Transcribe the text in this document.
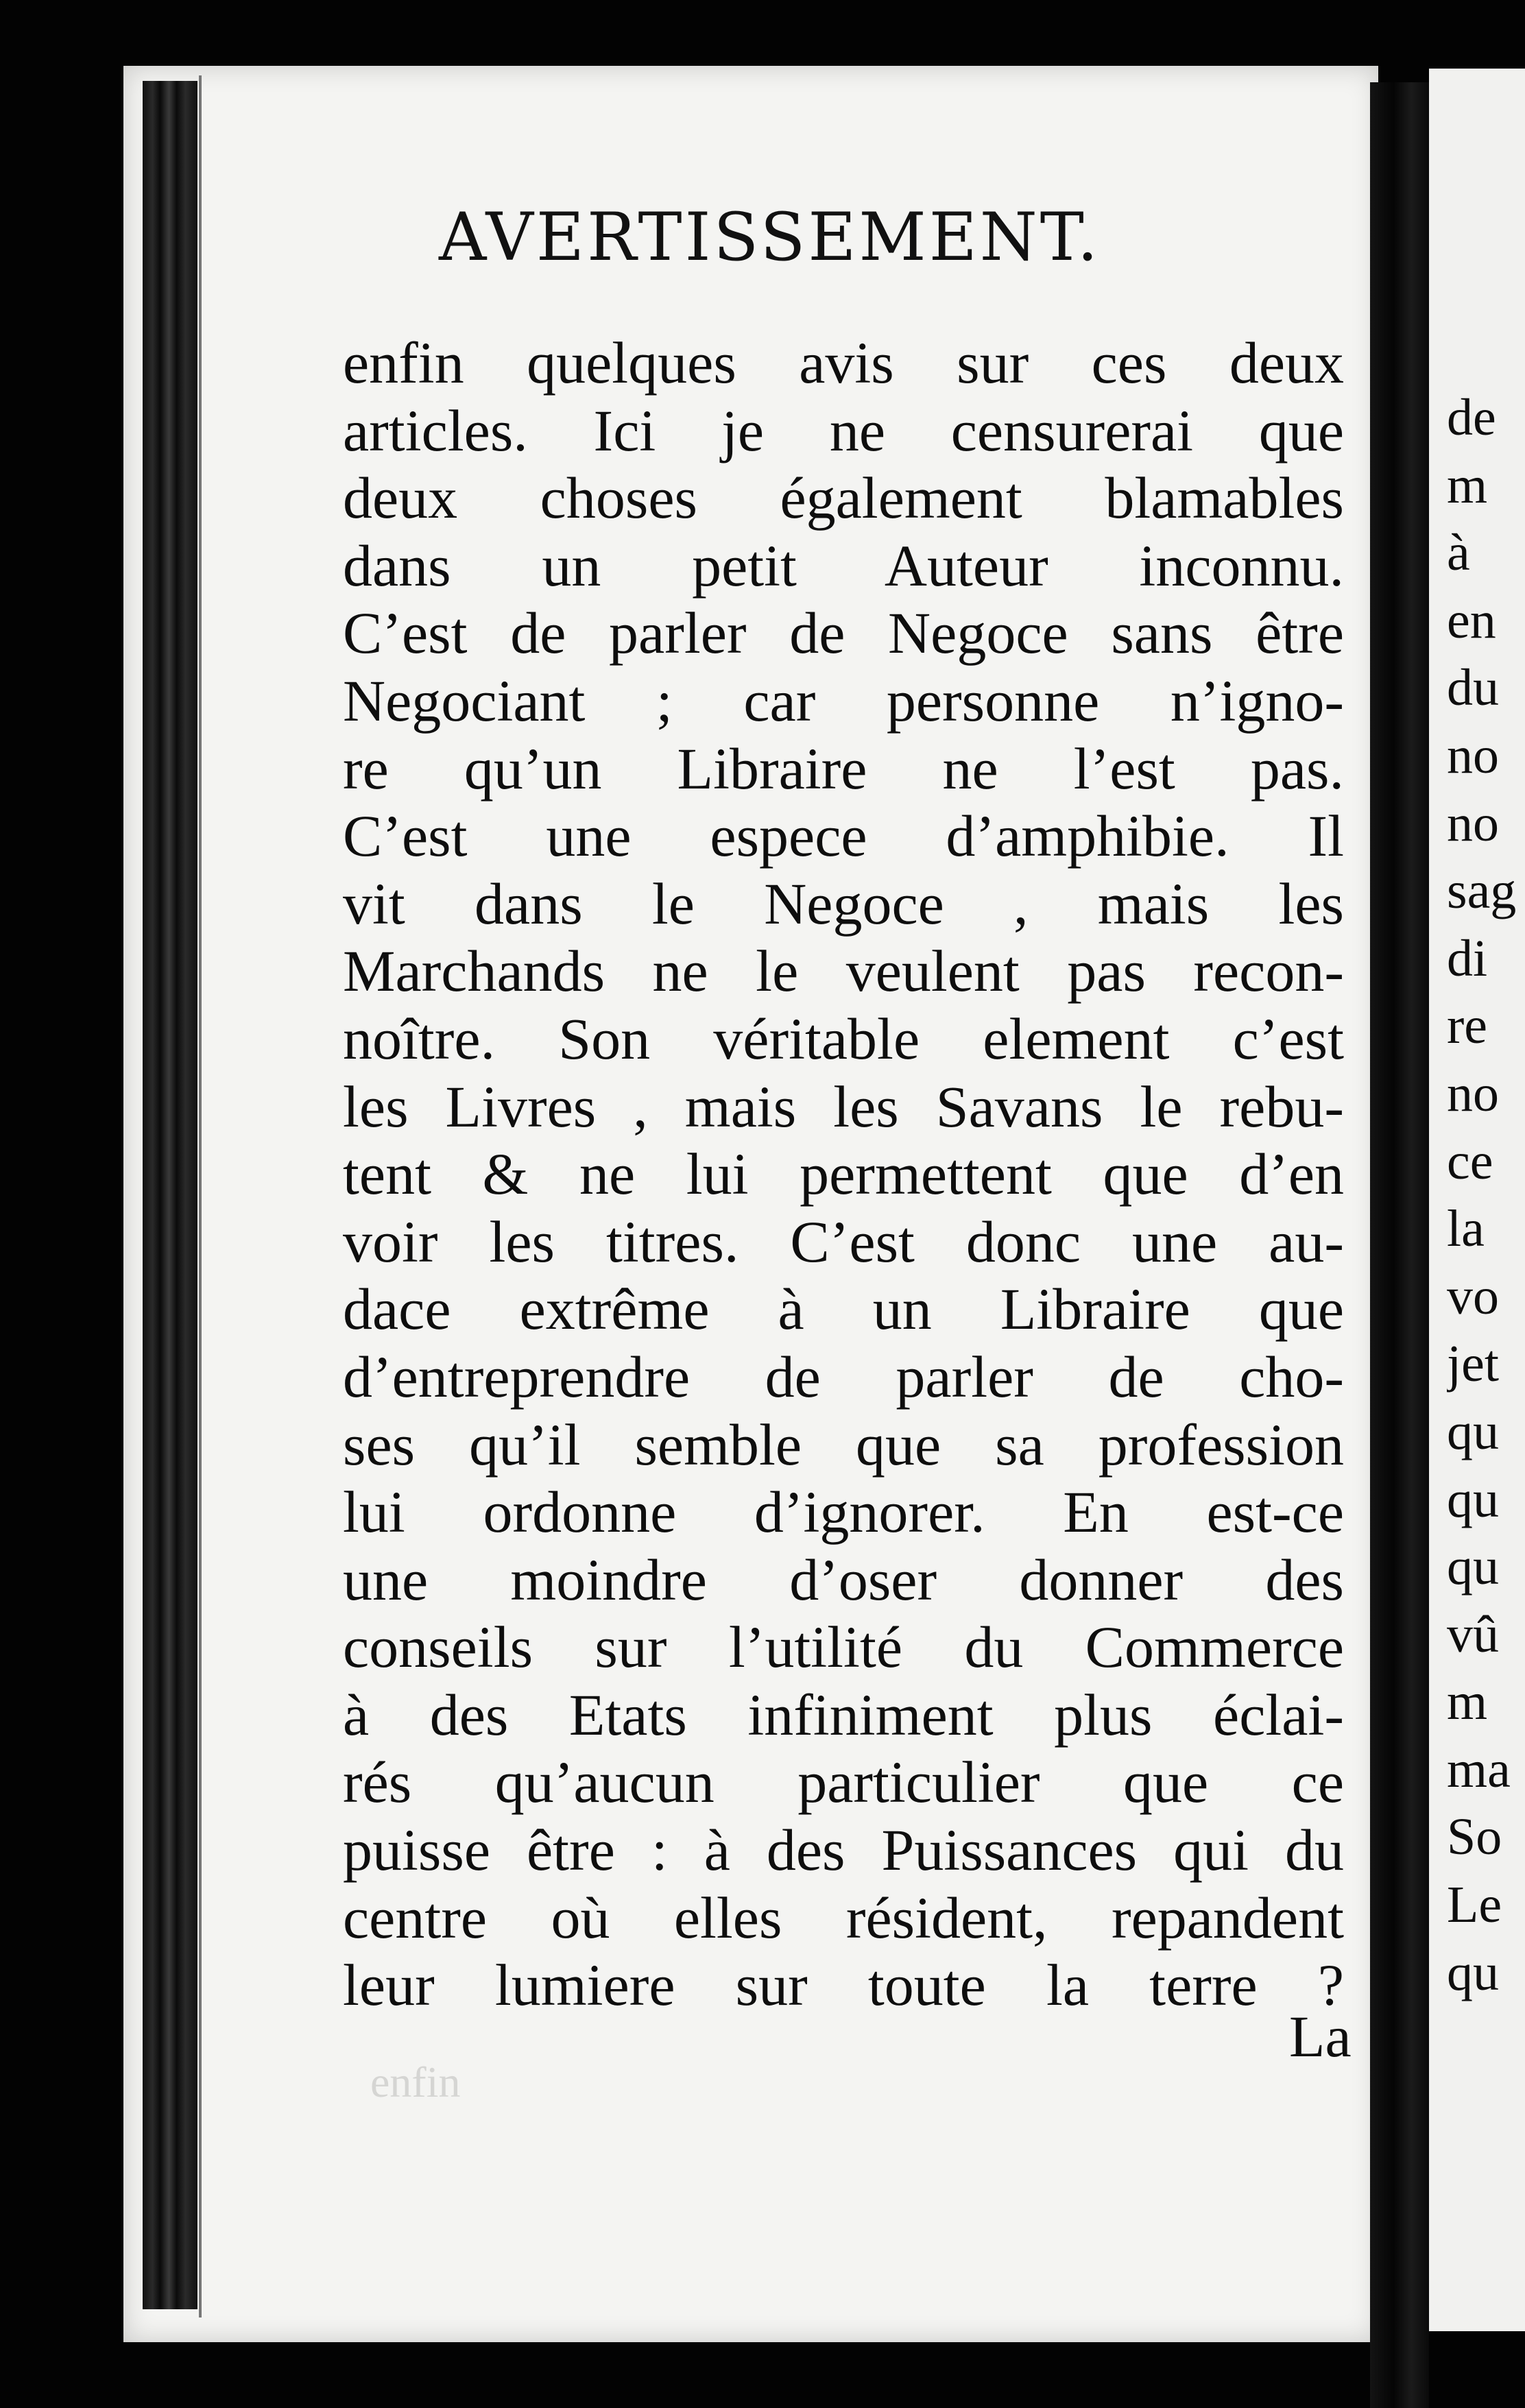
AVERTISSEMENT.
enfin quelques avis sur ces deux
articles. Ici je ne censurerai que
deux choses également blamables
dans un petit Auteur inconnu.
C’est de parler de Negoce sans être
Negociant ; car personne n’igno-
re qu’un Libraire ne l’est pas.
C’est une espece d’amphibie. Il
vit dans le Negoce , mais les
Marchands ne le veulent pas recon-
noître. Son véritable element c’est
les Livres , mais les Savans le rebu-
tent & ne lui permettent que d’en
voir les titres. C’est donc une au-
dace extrême à un Libraire que
d’entreprendre de parler de cho-
ses qu’il semble que sa profession
lui ordonne d’ignorer. En est-ce
une moindre d’oser donner des
conseils sur l’utilité du Commerce
à des Etats infiniment plus éclai-
rés qu’aucun particulier que ce
puisse être : à des Puissances qui du
centre où elles résident, repandent
leur lumiere sur toute la terre ?
La
enfin
de
m
à
en
du
no
no
sag
di
re
no
ce
la
vo
jet
qu
qu
qu
vû
m
ma
So
Le
qu
